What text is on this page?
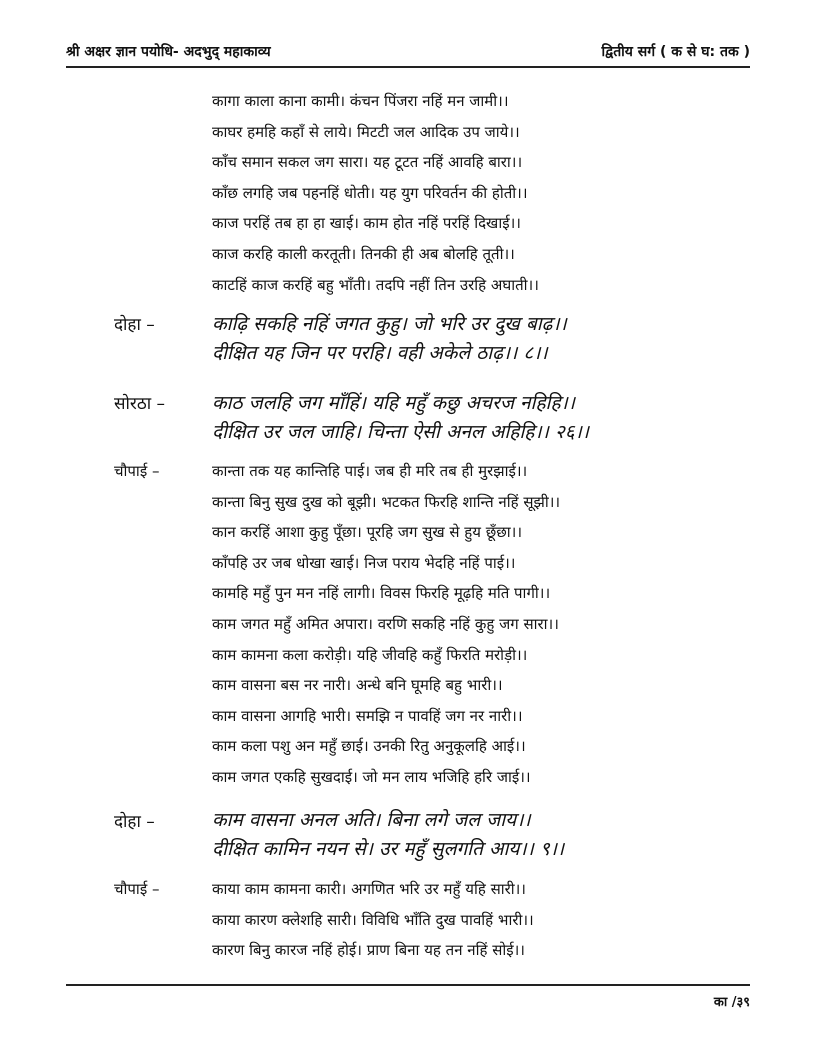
श्री अक्षर ज्ञान पयोधि- अदभुद् महाकाव्य	द्वितीय सर्ग ( क से घ: तक )
कागा काला काना कामी। कंचन पिंजरा नहिं मन जामी।।
काघर हमहि कहाँ से लाये। मिटटी जल आदिक उप जाये।।
काँच समान सकल जग सारा। यह टूटत नहिं आवहि बारा।।
काँछ लगहि जब पहनहिं धोती। यह युग परिवर्तन की होती।।
काज परहिं तब हा हा खाई। काम होत नहिं परहिं दिखाई।।
काज करहि काली करतूती। तिनकी ही अब बोलहि तूती।।
काटहिं काज करहिं बहु भाँती। तदपि नहीं तिन उरहि अघाती।।
दोहा –	काढ़ि सकहि नहिं जगत कुहु। जो भरि उर दुख बाढ़।।
दीक्षित यह जिन पर परहि। वही अकेले ठाढ़।। ८।।
सोरठा – काठ जलहि जग माँहिं। यहि महुँ कछु अचरज नहिहि।।
दीक्षित उर जल जाहि। चिन्ता ऐसी अनल अहिहि।। २६।।
चौपाई –	कान्ता तक यह कान्तिहि पाई। जब ही मरि तब ही मुरझाई।।
कान्ता बिनु सुख दुख को बूझी। भटकत फिरहि शान्ति नहिं सूझी।।
कान करहिं आशा कुहु पूँछा। पूरहि जग सुख से हुय छूँछा।।
काँपहि उर जब धोखा खाई। निज पराय भेदहि नहिं पाई।।
कामहि महुँ पुन मन नहिं लागी। विवस फिरहि मूढ़हि मति पागी।।
काम जगत महुँ अमित अपारा। वरणि सकहि नहिं कुहु जग सारा।।
काम कामना कला करोड़ी। यहि जीवहि कहुँ फिरति मरोड़ी।।
काम वासना बस नर नारी। अन्धे बनि घूमहि बहु भारी।।
काम वासना आगहि भारी। समझि न पावहिं जग नर नारी।।
काम कला पशु अन महुँ छाई। उनकी रितु अनुकूलहि आई।।
काम जगत एकहि सुखदाई। जो मन लाय भजिहि हरि जाई।।
दोहा –	काम वासना अनल अति। बिना लगे जल जाय।।
दीक्षित कामिन नयन से। उर महुँ सुलगति आय।। ९।।
चौपाई –	काया काम कामना कारी। अगणित भरि उर महुँ यहि सारी।।
काया कारण क्लेशहि सारी। विविधि भाँति दुख पावहिं भारी।।
कारण बिनु कारज नहिं होई। प्राण बिना यह तन नहिं सोई।।
का /३९
